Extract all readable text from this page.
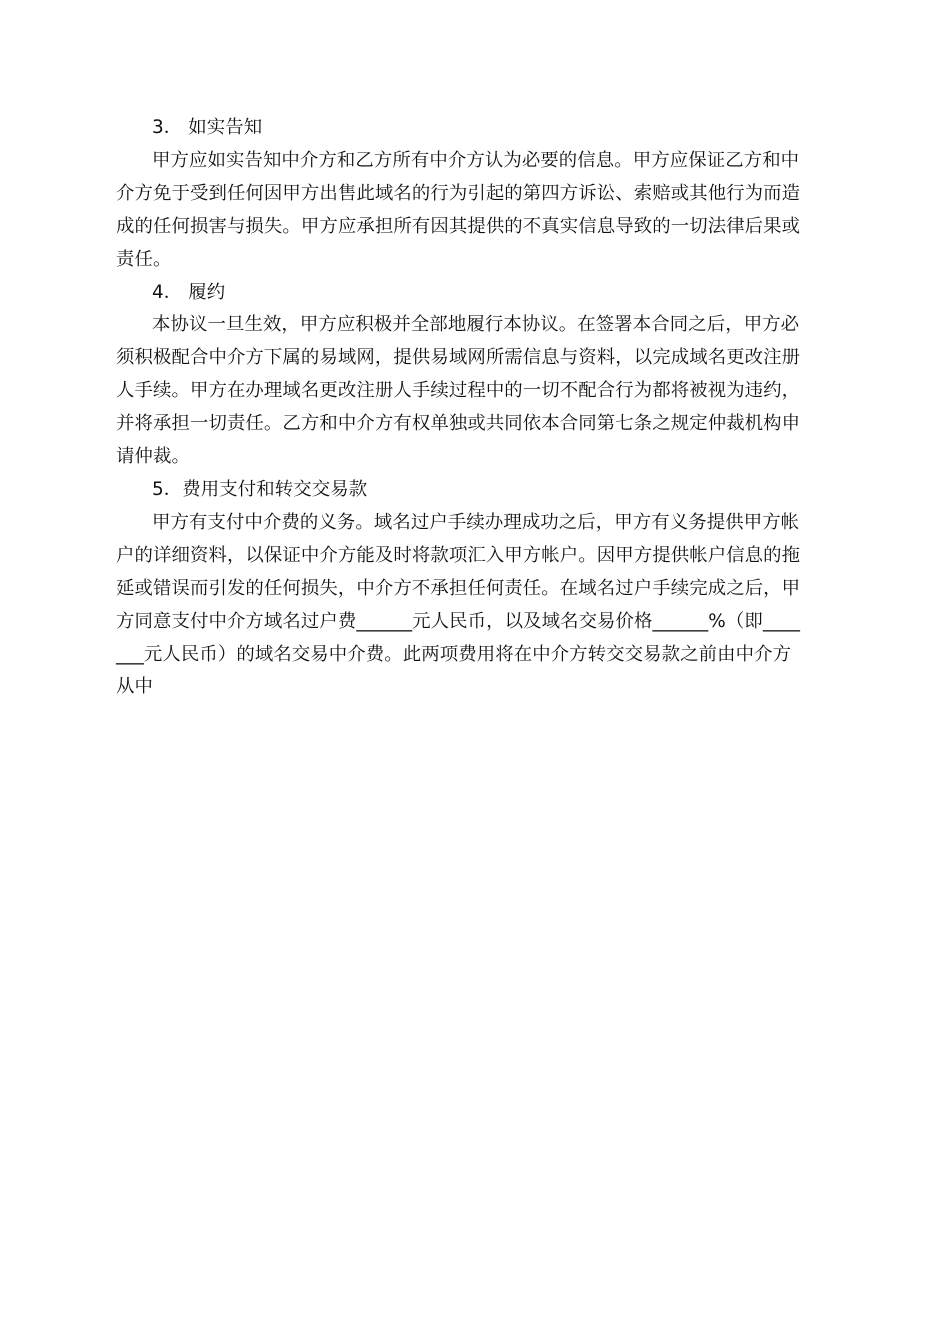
3． 如实告知

甲方应如实告知中介方和乙方所有中介方认为必要的信息。甲方应保证乙方和中
介方免于受到任何因甲方出售此域名的行为引起的第四方诉讼、索赔或其他行为而造
成的任何损害与损失。甲方应承担所有因其提供的不真实信息导致的一切法律后果或
责任。

4． 履约

本协议一旦生效，甲方应积极并全部地履行本协议。在签署本合同之后，甲方必
须积极配合中介方下属的易域网，提供易域网所需信息与资料，以完成域名更改注册
人手续。甲方在办理域名更改注册人手续过程中的一切不配合行为都将被视为违约，
并将承担一切责任。乙方和中介方有权单独或共同依本合同第七条之规定仲裁机构申
请仲裁。

5．费用支付和转交交易款

甲方有支付中介费的义务。域名过户手续办理成功之后，甲方有义务提供甲方帐
户的详细资料，以保证中介方能及时将款项汇入甲方帐户。因甲方提供帐户信息的拖
延或错误而引发的任何损失，中介方不承担任何责任。在域名过户手续完成之后，甲
方同意支付中介方域名过户费______元人民币，以及域名交易价格______%（即____
___元人民币）的域名交易中介费。此两项费用将在中介方转交交易款之前由中介方
从中
